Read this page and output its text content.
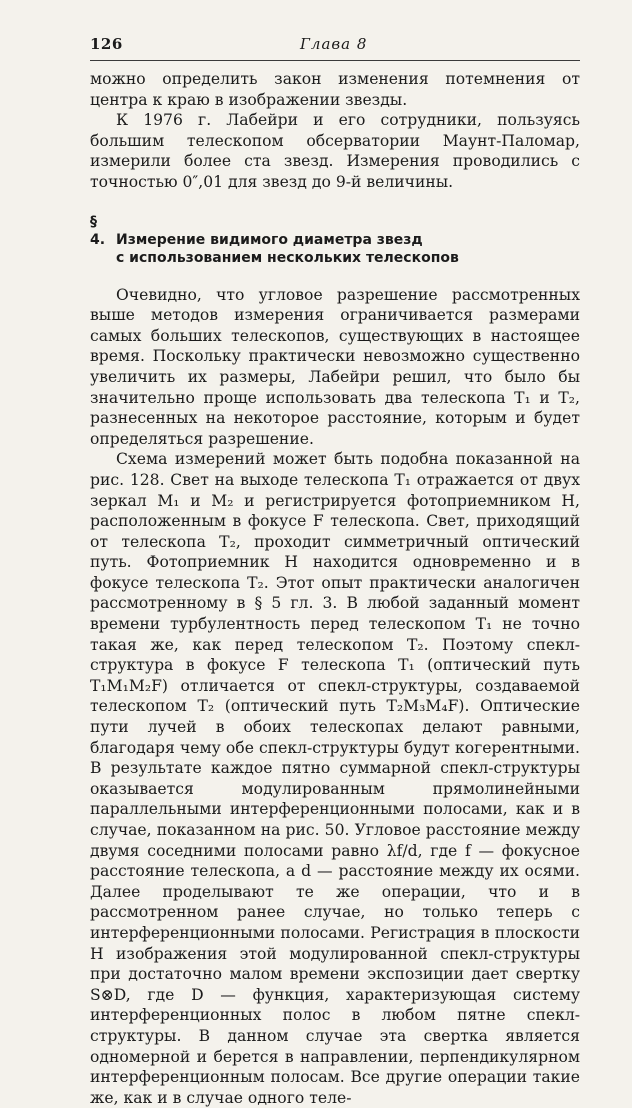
126	Глава 8

можно определить закон изменения потемнения от центра к краю в изображении звезды.

К 1976 г. Лабейри и его сотрудники, пользуясь большим телескопом обсерватории Маунт-Паломар, измерили более ста звезд. Измерения проводились с точностью 0″,01 для звезд до 9-й величины.

§ 4. Измерение видимого диаметра звезд
с использованием нескольких телескопов

Очевидно, что угловое разрешение рассмотренных выше методов измерения ограничивается размерами самых больших телескопов, существующих в настоящее время. Поскольку практически невозможно существенно увеличить их размеры, Лабейри решил, что было бы значительно проще использовать два телескопа T₁ и T₂, разнесенных на некоторое расстояние, которым и будет определяться разрешение.

Схема измерений может быть подобна показанной на рис. 128. Свет на выходе телескопа T₁ отражается от двух зеркал M₁ и M₂ и регистрируется фотоприемником H, расположенным в фокусе F телескопа. Свет, приходящий от телескопа T₂, проходит симметричный оптический путь. Фотоприемник H находится одновременно и в фокусе телескопа T₂. Этот опыт практически аналогичен рассмотренному в § 5 гл. 3. В любой заданный момент времени турбулентность перед телескопом T₁ не точно такая же, как перед телескопом T₂. Поэтому спекл-структура в фокусе F телескопа T₁ (оптический путь T₁M₁M₂F) отличается от спекл-структуры, создаваемой телескопом T₂ (оптический путь T₂M₃M₄F). Оптические пути лучей в обоих телескопах делают равными, благодаря чему обе спекл-структуры будут когерентными. В результате каждое пятно суммарной спекл-структуры оказывается модулированным прямолинейными параллельными интерференционными полосами, как и в случае, показанном на рис. 50. Угловое расстояние между двумя соседними полосами равно λf/d, где f — фокусное расстояние телескопа, а d — расстояние между их осями. Далее проделывают те же операции, что и в рассмотренном ранее случае, но только теперь с интерференционными полосами. Регистрация в плоскости H изображения этой модулированной спекл-структуры при достаточно малом времени экспозиции дает свертку S⊗D, где D — функция, характеризующая систему интерференционных полос в любом пятне спекл-структуры. В данном случае эта свертка является одномерной и берется в направлении, перпендикулярном интерференционным полосам. Все другие операции такие же, как и в случае одного теле-
